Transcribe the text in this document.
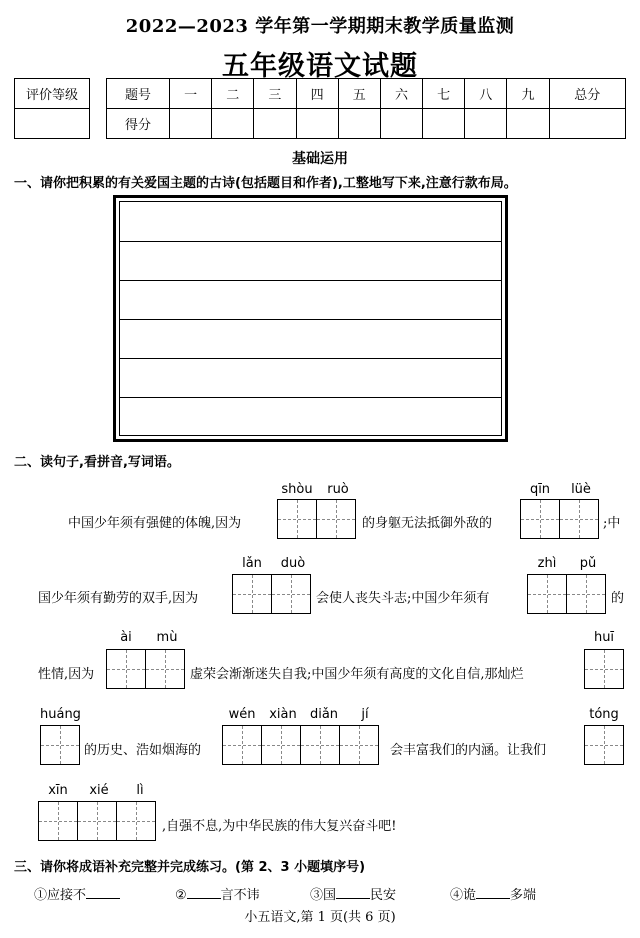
2022—2023 学年第一学期期末教学质量监测
五年级语文试题
评价等级	题号	一	二	三	四	五	六	七	八	九	总分
得分										
基础运用
一、请你把积累的有关爱国主题的古诗(包括题目和作者),工整地写下来,注意行款布局。
二、读句子,看拼音,写词语。
shòu	ruò	qīn	lüè
中国少年须有强健的体魄,因为	的身躯无法抵御外敌的	;中
lǎn	duò	zhì	pǔ
国少年须有勤劳的双手,因为	会使人丧失斗志;中国少年须有	的
ài	mù	huī
性情,因为	虚荣会渐渐迷失自我;中国少年须有高度的文化自信,那灿烂
huáng	wén	xiàn	diǎn	jí	tóng
的历史、浩如烟海的	会丰富我们的内涵。让我们
xīn	xié	lì
,自强不息,为中华民族的伟大复兴奋斗吧!
三、请你将成语补充完整并完成练习。(第 2、3 小题填序号)
①应接不	②	言不讳	③国	民安	④诡	多端
小五语文,第 1 页(共 6 页)
